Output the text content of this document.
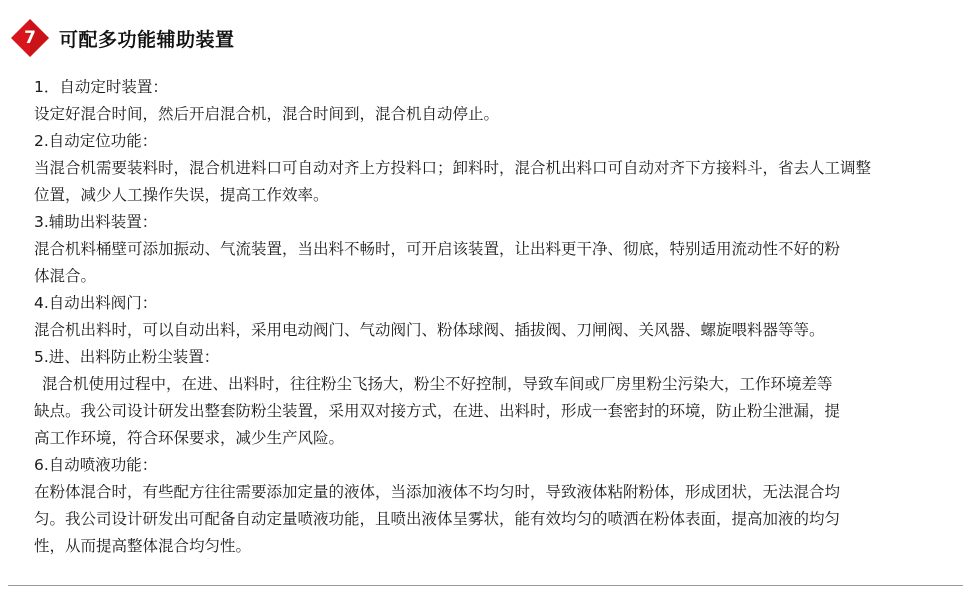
7	可配多功能辅助装置
1．自动定时装置：
设定好混合时间，然后开启混合机，混合时间到，混合机自动停止。
2.自动定位功能：
当混合机需要装料时，混合机进料口可自动对齐上方投料口；卸料时，混合机出料口可自动对齐下方接料斗，省去人工调整
位置，减少人工操作失误，提高工作效率。
3.辅助出料装置：
混合机料桶壁可添加振动、气流装置，当出料不畅时，可开启该装置，让出料更干净、彻底，特别适用流动性不好的粉
体混合。
4.自动出料阀门：
混合机出料时，可以自动出料，采用电动阀门、气动阀门、粉体球阀、插拔阀、刀闸阀、关风器、螺旋喂料器等等。
5.进、出料防止粉尘装置：
混合机使用过程中，在进、出料时，往往粉尘飞扬大，粉尘不好控制，导致车间或厂房里粉尘污染大，工作环境差等
缺点。我公司设计研发出整套防粉尘装置，采用双对接方式，在进、出料时，形成一套密封的环境，防止粉尘泄漏，提
高工作环境，符合环保要求，减少生产风险。
6.自动喷液功能：
在粉体混合时，有些配方往往需要添加定量的液体，当添加液体不均匀时，导致液体粘附粉体，形成团状，无法混合均
匀。我公司设计研发出可配备自动定量喷液功能，且喷出液体呈雾状，能有效均匀的喷洒在粉体表面，提高加液的均匀
性，从而提高整体混合均匀性。
